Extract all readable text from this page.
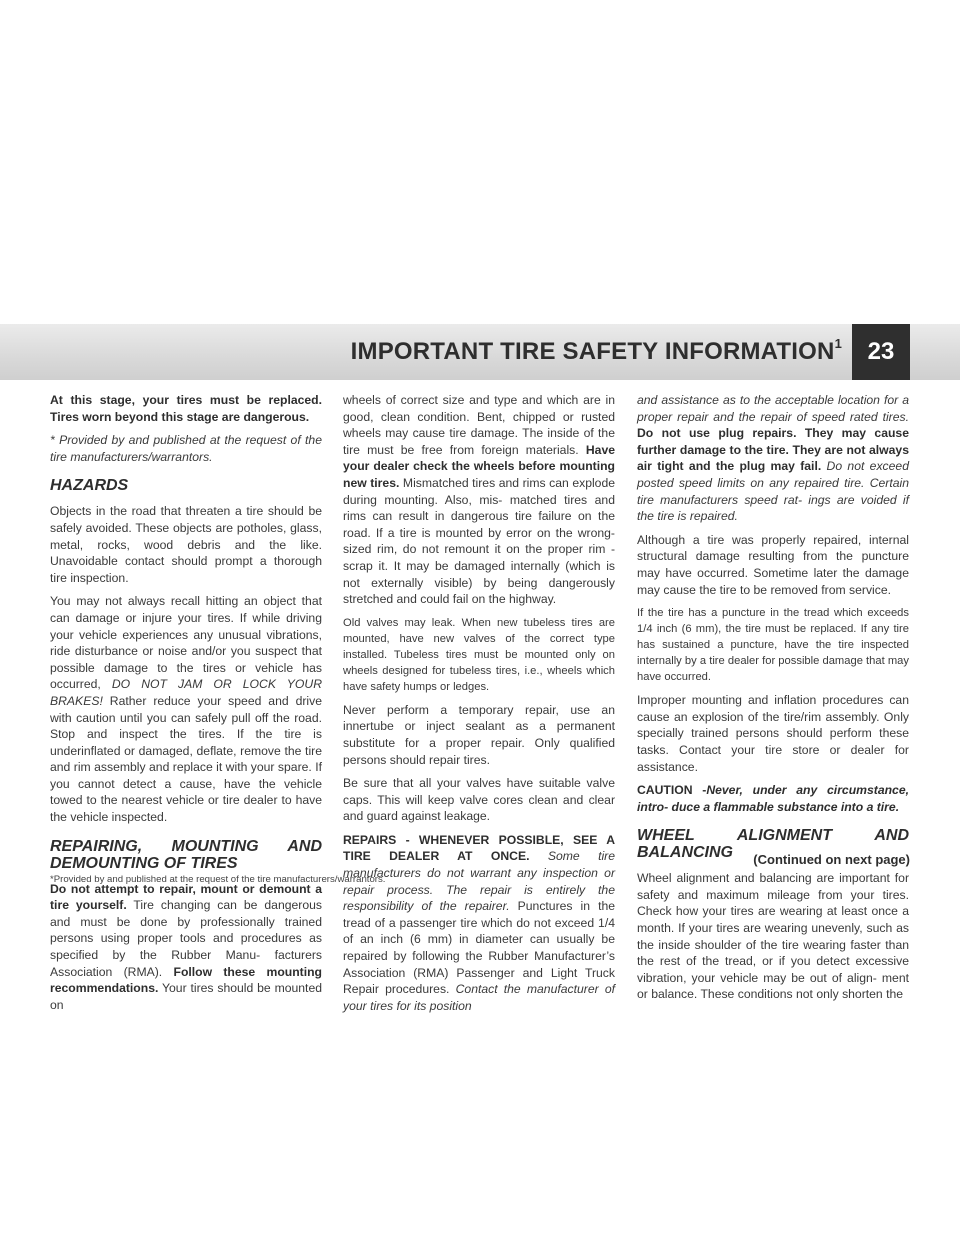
IMPORTANT TIRE SAFETY INFORMATION$^1$	23

At this stage, your tires must be replaced. Tires worn beyond this stage are dangerous.

* Provided by and published at the request of the tire manufacturers/warrantors.

HAZARDS

Objects in the road that threaten a tire should be safely avoided. These objects are potholes, glass, metal, rocks, wood debris and the like. Unavoidable contact should prompt a thorough tire inspection.

You may not always recall hitting an object that can damage or injure your tires. If while driving your vehicle experiences any unusual vibrations, ride disturbance or noise and/or you suspect that possible damage to the tires or vehicle has occurred, DO NOT JAM OR LOCK YOUR BRAKES! Rather reduce your speed and drive with caution until you can safely pull off the road. Stop and inspect the tires. If the tire is underinflated or damaged, deflate, remove the tire and rim assembly and replace it with your spare. If you cannot detect a cause, have the vehicle towed to the nearest vehicle or tire dealer to have the vehicle inspected.

REPAIRING, MOUNTING AND DEMOUNTING OF TIRES

Do not attempt to repair, mount or demount a tire yourself. Tire changing can be dangerous and must be done by professionally trained persons using proper tools and procedures as specified by the Rubber Manu- facturers Association (RMA). Follow these mounting recommendations. Your tires should be mounted on

wheels of correct size and type and which are in good, clean condition. Bent, chipped or rusted wheels may cause tire damage. The inside of the tire must be free from foreign materials. Have your dealer check the wheels before mounting new tires. Mismatched tires and rims can explode during mounting. Also, mis- matched tires and rims can result in dangerous tire failure on the road. If a tire is mounted by error on the wrong-sized rim, do not remount it on the proper rim - scrap it. It may be damaged internally (which is not externally visible) by being dangerously stretched and could fail on the highway.

Old valves may leak. When new tubeless tires are mounted, have new valves of the correct type installed. Tubeless tires must be mounted only on wheels designed for tubeless tires, i.e., wheels which have safety humps or ledges.

Never perform a temporary repair, use an innertube or inject sealant as a permanent substitute for a proper repair. Only qualified persons should repair tires.

Be sure that all your valves have suitable valve caps. This will keep valve cores clean and clear and guard against leakage.

REPAIRS - WHENEVER POSSIBLE, SEE A TIRE DEALER AT ONCE. Some tire manufacturers do not warrant any inspection or repair process. The repair is entirely the responsibility of the repairer. Punctures in the tread of a passenger tire which do not exceed 1/4 of an inch (6 mm) in diameter can usually be repaired by following the Rubber Manufacturer’s Association (RMA) Passenger and Light Truck Repair procedures. Contact the manufacturer of your tires for its position

and assistance as to the acceptable location for a proper repair and the repair of speed rated tires. Do not use plug repairs. They may cause further damage to the tire. They are not always air tight and the plug may fail. Do not exceed posted speed limits on any repaired tire. Certain tire manufacturers speed rat- ings are voided if the tire is repaired.

Although a tire was properly repaired, internal structural damage resulting from the puncture may have occurred. Sometime later the damage may cause the tire to be removed from service.

If the tire has a puncture in the tread which exceeds 1/4 inch (6 mm), the tire must be replaced. If any tire has sustained a puncture, have the tire inspected internally by a tire dealer for possible damage that may have occurred.

Improper mounting and inflation procedures can cause an explosion of the tire/rim assembly. Only specially trained persons should perform these tasks. Contact your tire store or dealer for assistance.

CAUTION -Never, under any circumstance, intro- duce a flammable substance into a tire.

WHEEL ALIGNMENT AND BALANCING

Wheel alignment and balancing are important for safety and maximum mileage from your tires. Check how your tires are wearing at least once a month. If your tires are wearing unevenly, such as the inside shoulder of the tire wearing faster than the rest of the tread, or if you detect excessive vibration, your vehicle may be out of align- ment or balance. These conditions not only shorten the

(Continued on next page)
*Provided by and published at the request of the tire manufacturers/warrantors.
